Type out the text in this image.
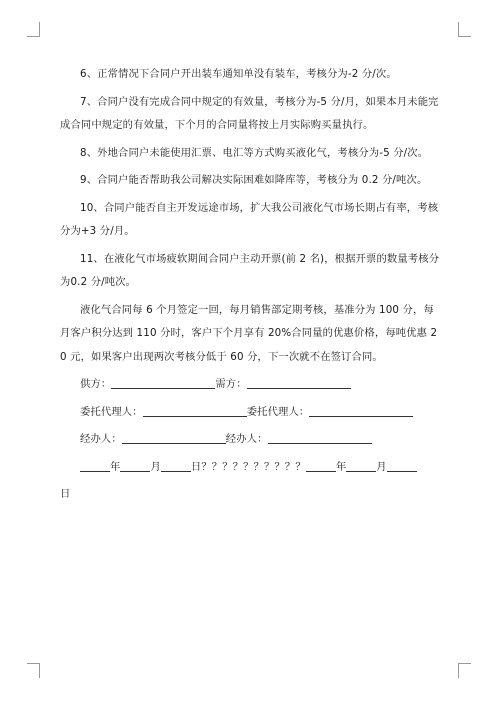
6、正常情况下合同户开出装车通知单没有装车，考核分为-2 分/次。

7、合同户没有完成合同中规定的有效量，考核分为-5 分/月，如果本月未能完成合同中规定的有效量，下个月的合同量将按上月实际购买量执行。

8、外地合同户未能使用汇票、电汇等方式购买液化气，考核分为-5 分/次。

9、合同户能否帮助我公司解决实际困难如降库等，考核分为 0.2 分/吨次。

10、合同户能否自主开发远途市场，扩大我公司液化气市场长期占有率，考核分为+3 分/月。

11、在液化气市场疲软期间合同户主动开票(前 2 名)，根据开票的数量考核分为0.2 分/吨次。

液化气合同每 6 个月签定一回，每月销售部定期考核，基准分为 100 分，每月客户积分达到 110 分时，客户下个月享有 20%合同量的优惠价格，每吨优惠 20 元，如果客户出现两次考核分低于 60 分，下一次就不在签订合同。

供方：	需方：
委托代理人：	委托代理人：
经办人：	经办人：
年	月	日？？？？？？？？？？	年	月
日
